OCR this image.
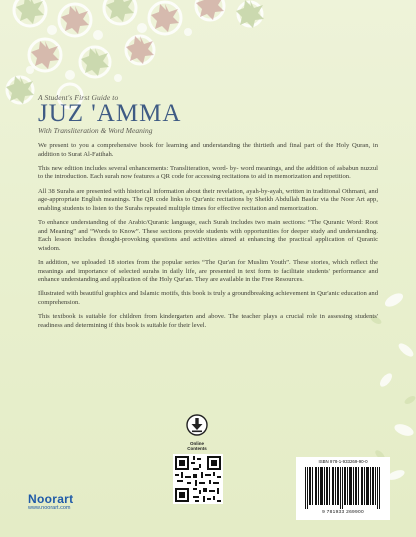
A Student's First Guide to
JUZ 'AMMA
With Transliteration & Word Meaning

We present to you a comprehensive book for learning and understanding the thirtieth and final part of the Holy Quran, in addition to Surat Al-Fatihah.

This new edition includes several enhancements: Transliteration, word- by- word meanings, and the addition of asbabun nuzzul to the introduction. Each surah now features a QR code for accessing recitations to aid in memorization and repetition.

All 38 Surahs are presented with historical information about their revelation, ayah-by-ayah, written in traditional Othmani, and age-appropriate English meanings. The QR code links to Qur'anic recitations by Sheikh Abdullah Basfar via the Noor Art app, enabling students to listen to the Surahs repeated multiple times for effective recitation and memorization.

To enhance understanding of the Arabic/Quranic language, each Surah includes two main sections: “The Quranic Word: Root and Meaning” and “Words to Know”. These sections provide students with opportunities for deeper study and understanding. Each lesson includes thought-provoking questions and activities aimed at enhancing the practical application of Quranic wisdom.

In addition, we uploaded 18 stories from the popular series “The Qur'an for Muslim Youth”. These stories, which reflect the meanings and importance of selected surahs in daily life, are presented in text form to facilitate students' performance and enhance understanding and application of the Holy Qur'an. They are available in the Free Resources.

Illustrated with beautiful graphics and Islamic motifs, this book is truly a groundbreaking achievement in Qur'anic education and comprehension.

This textbook is suitable for children from kindergarten and above. The teacher plays a crucial role in assessing students' readiness and determining if this book is suitable for their level.

Online
Contents
Noorart
www.noorart.com
ISBN 978-1-933269-90-0
9 781933 269900
